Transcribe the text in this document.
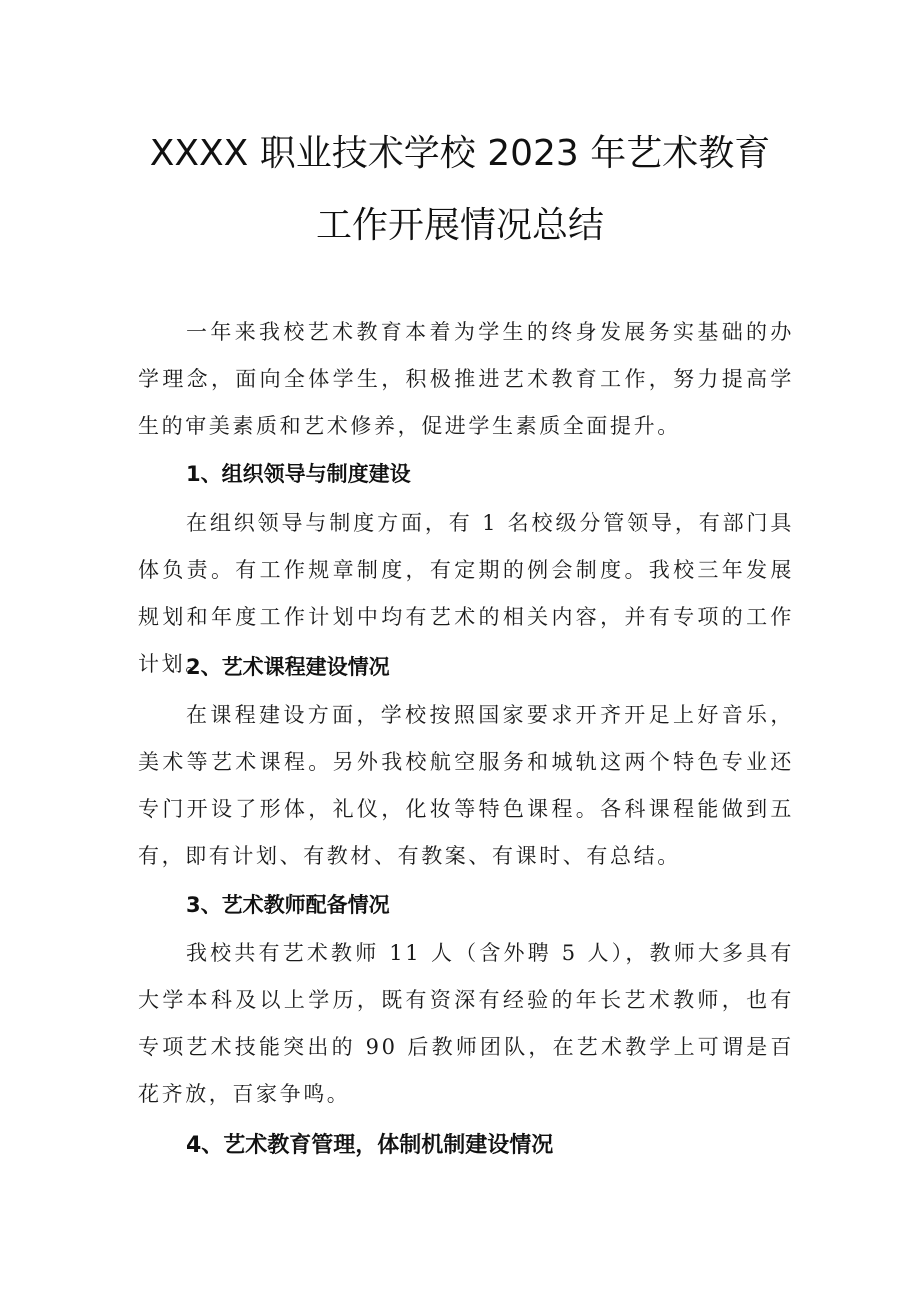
XXXX 职业技术学校 2023 年艺术教育
工作开展情况总结

一年来我校艺术教育本着为学生的终身发展务实基础的办学理念，面向全体学生，积极推进艺术教育工作，努力提高学生的审美素质和艺术修养，促进学生素质全面提升。

1、组织领导与制度建设

在组织领导与制度方面，有 1 名校级分管领导，有部门具体负责。有工作规章制度，有定期的例会制度。我校三年发展规划和年度工作计划中均有艺术的相关内容，并有专项的工作计划。

2、艺术课程建设情况

在课程建设方面，学校按照国家要求开齐开足上好音乐，美术等艺术课程。另外我校航空服务和城轨这两个特色专业还专门开设了形体，礼仪，化妆等特色课程。各科课程能做到五有，即有计划、有教材、有教案、有课时、有总结。

3、艺术教师配备情况

我校共有艺术教师 11 人（含外聘 5 人），教师大多具有大学本科及以上学历，既有资深有经验的年长艺术教师，也有专项艺术技能突出的 90 后教师团队，在艺术教学上可谓是百花齐放，百家争鸣。

4、艺术教育管理，体制机制建设情况
